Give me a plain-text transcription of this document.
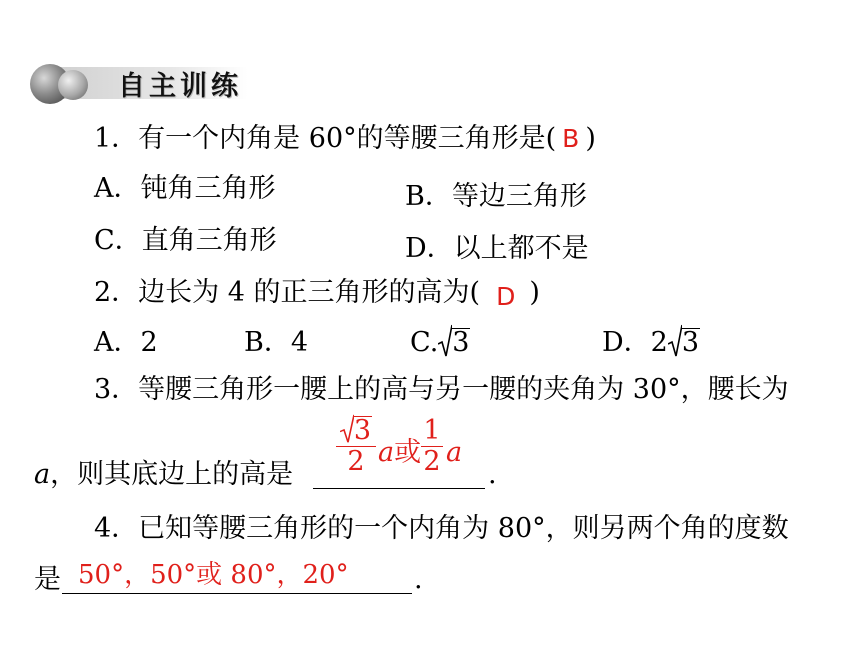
自主训练
1．有一个内角是 60°的等腰三角形是( B )
A．钝角三角形	B．等边三角形
C．直角三角形	D．以上都不是
2．边长为 4 的正三角形的高为( D )
A．2	B．4	C. 3	D．2 3
3．等腰三角形一腰上的高与另一腰的夹角为 30°，腰长为
$\frac{3}{2}$ a或 $\frac{1}{2}$ a
a，则其底边上的高是	.
4．已知等腰三角形的一个内角为 80°，则另两个角的度数
是 50°，50°或 80°，20° .
